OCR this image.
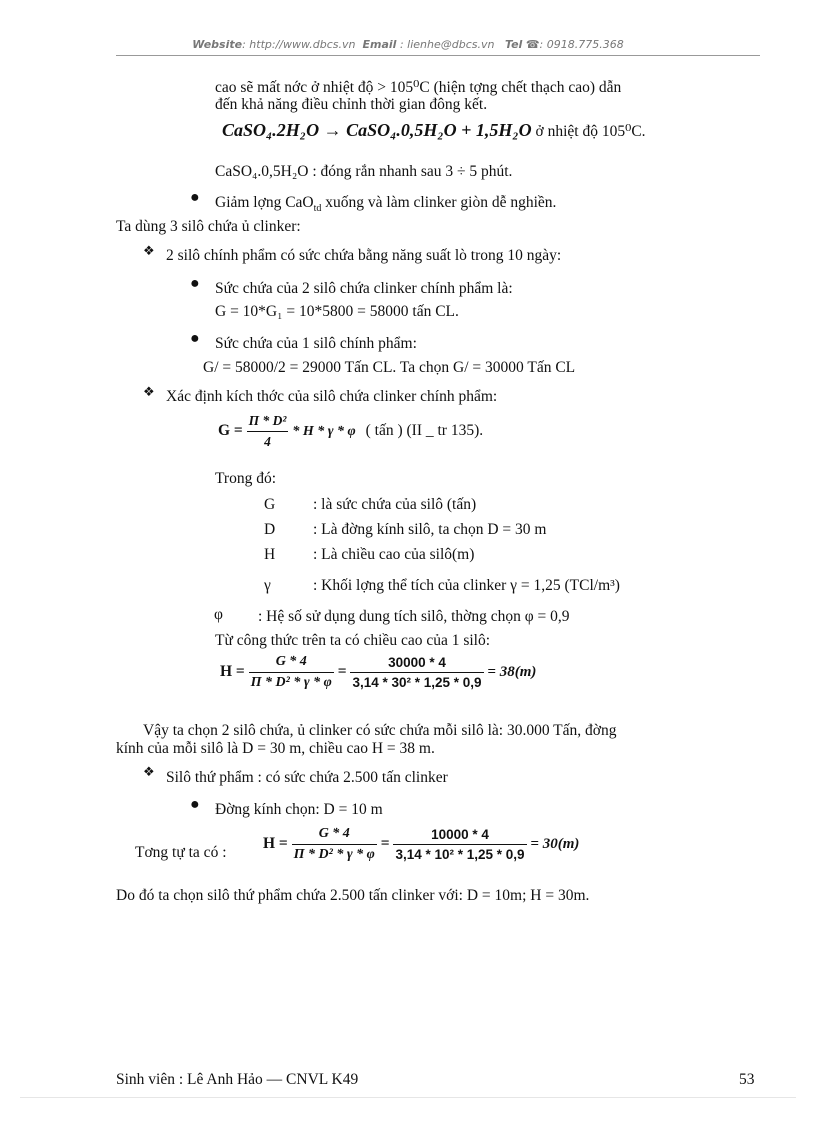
Website: http://www.dbcs.vn Email : lienhe@dbcs.vn Tel ☎: 0918.775.368
cao sẽ mất nớc ở nhiệt độ > 105⁰C (hiện tợng chết thạch cao) dẫn
đến khả năng điều chỉnh thời gian đông kết.
CaSO₄.2H₂O → CaSO₄.0,5H₂O + 1,5H₂O ở nhiệt độ 105⁰C.
CaSO₄.0,5H₂O : đóng rắn nhanh sau 3 ÷ 5 phút.
● Giảm lợng CaO$_{td}$ xuống và làm clinker giòn dễ nghiền.
Ta dùng 3 silô chứa ủ clinker:
❖ 2 silô chính phẩm có sức chứa bằng năng suất lò trong 10 ngày:
● Sức chứa của 2 silô chứa clinker chính phẩm là:
G = 10*G₁ = 10*5800 = 58000 tấn CL.
● Sức chứa của 1 silô chính phẩm:
G/ = 58000/2 = 29000 Tấn CL. Ta chọn G/ = 30000 Tấn CL
❖ Xác định kích thớc của silô chứa clinker chính phẩm:
$G = \frac{\text{Π * D²}}{4} * H * \gamma * \varphi$ ( tấn ) (II _ tr 135).
Trong đó:
G : là sức chứa của silô (tấn)
D : Là đờng kính silô, ta chọn D = 30 m
H : Là chiều cao của silô(m)
γ	: Khối lợng thể tích của clinker γ = 1,25 (TCl/m³)
φ : Hệ số sử dụng dung tích silô, thờng chọn φ = 0,9
Từ công thức trên ta có chiều cao của 1 silô:
$H = \frac{G * 4}{\text{Π * D² * γ * φ}} = \frac{30000 * 4}{\text{3,14 * 30² * 1,25 * 0,9}} = 38(m)$
Vậy ta chọn 2 silô chứa, ủ clinker có sức chứa mỗi silô là: 30.000 Tấn, đờng
kính của mỗi silô là D = 30 m, chiều cao H = 38 m.
❖ Silô thứ phẩm : có sức chứa 2.500 tấn clinker
● Đờng kính chọn: D = 10 m
Tơng tự ta có :
$H = \frac{G * 4}{\text{Π * D² * γ * φ}} = \frac{10000 * 4}{\text{3,14 * 10² * 1,25 * 0,9}} = 30(m)$
Do đó ta chọn silô thứ phẩm chứa 2.500 tấn clinker với: D = 10m; H = 30m.
Sinh viên : Lê Anh Hảo — CNVL K49	53
